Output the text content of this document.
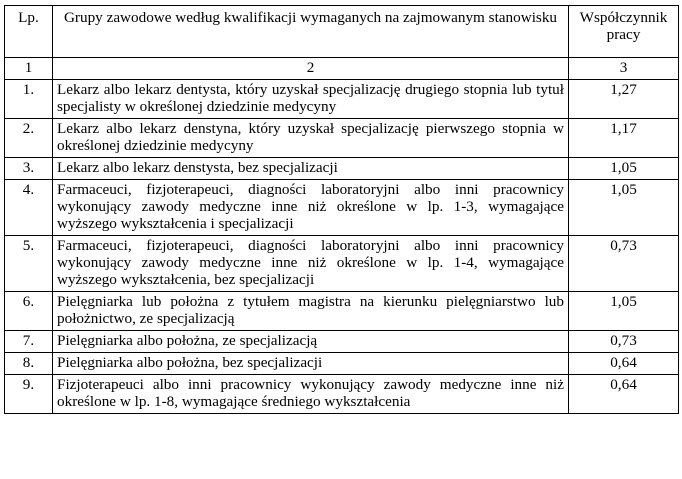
Lp.	Grupy zawodowe według kwalifikacji wymaganych na zajmowanym stanowisku	Współczynnik pracy
1	2	3
1.	Lekarz albo lekarz dentysta, który uzyskał specjalizację drugiego stopnia lub tytuł specjalisty w określonej dziedzinie medycyny	1,27
2.	Lekarz albo lekarz denstyna, który uzyskał specjalizację pierwszego stopnia w określonej dziedzinie medycyny	1,17
3.	Lekarz albo lekarz denstysta, bez specjalizacji	1,05
4.	Farmaceuci, fizjoterapeuci, diagności laboratoryjni albo inni pracownicy wykonujący zawody medyczne inne niż określone w lp. 1-3, wymagające wyższego wykształcenia i specjalizacji	1,05
5.	Farmaceuci, fizjoterapeuci, diagności laboratoryjni albo inni pracownicy wykonujący zawody medyczne inne niż określone w lp. 1-4, wymagające wyższego wykształcenia, bez specjalizacji	0,73
6.	Pielęgniarka lub położna z tytułem magistra na kierunku pielęgniarstwo lub położnictwo, ze specjalizacją	1,05
7.	Pielęgniarka albo położna, ze specjalizacją	0,73
8.	Pielęgniarka albo położna, bez specjalizacji	0,64
9.	Fizjoterapeuci albo inni pracownicy wykonujący zawody medyczne inne niż określone w lp. 1-8, wymagające średniego wykształcenia	0,64
